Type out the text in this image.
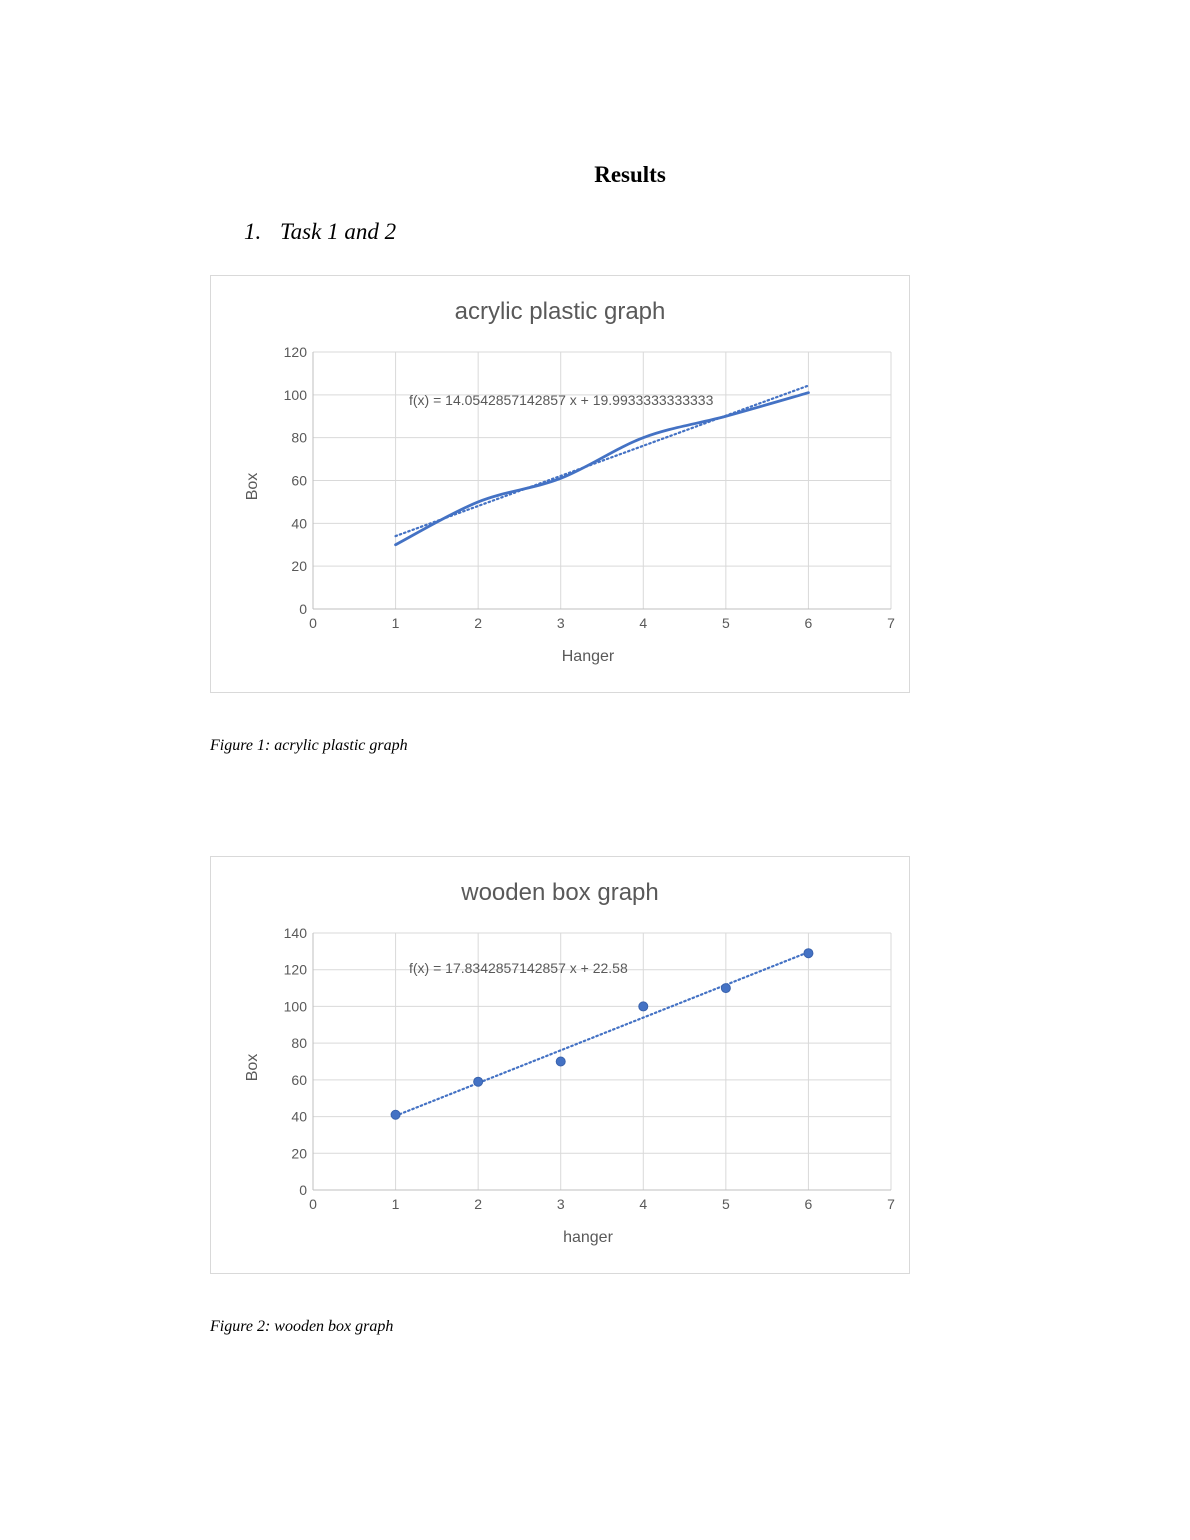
Results
1. Task 1 and 2
acrylic plastic graph
0
20
40
60
80
100
120
0	1	2	3	4	5	6	7
Hanger
Box
f(x) = 14.0542857142857 x + 19.9933333333333
Figure 1: acrylic plastic graph
wooden box graph
0
20
40
60
80
100
120
140
0	1	2	3	4	5	6	7
hanger
Box
f(x) = 17.8342857142857 x + 22.58
Figure 2: wooden box graph
